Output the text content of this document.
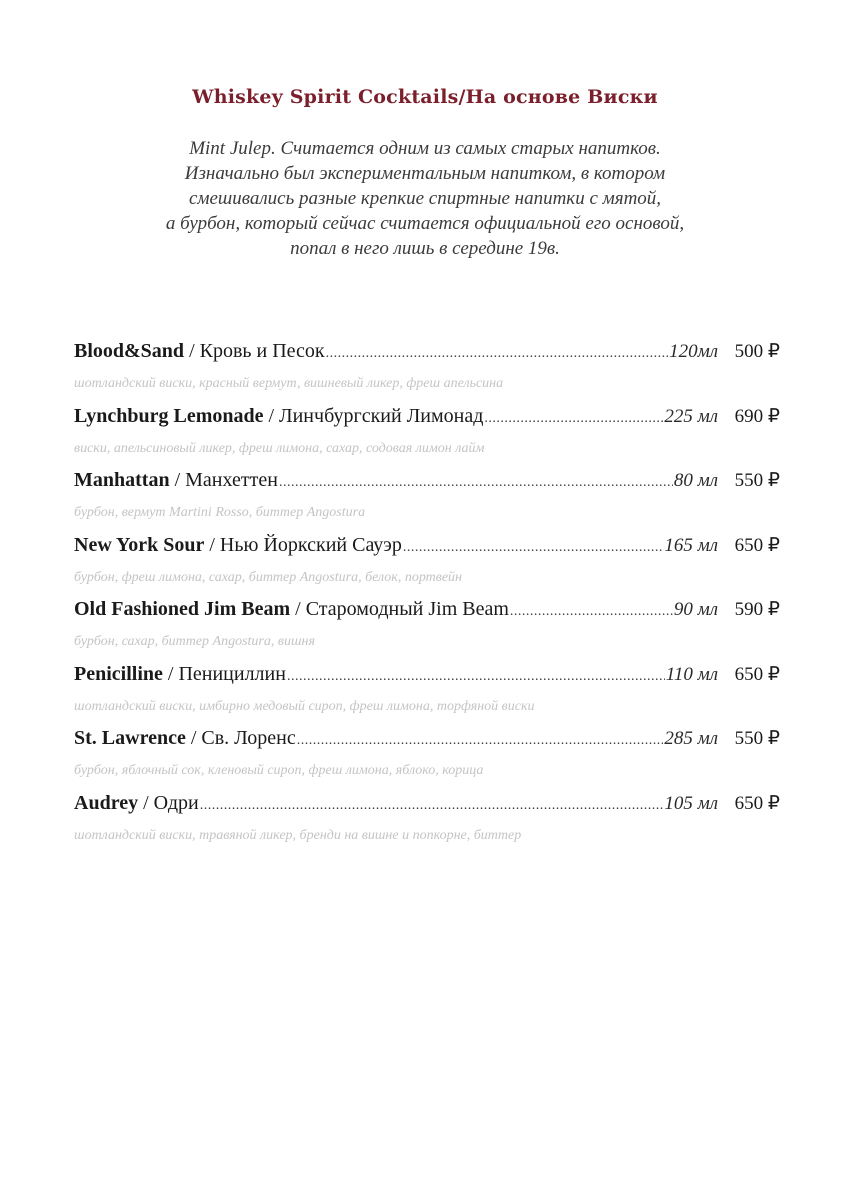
Whiskey Spirit Cocktails/На основе Виски
Mint Julep. Считается одним из самых старых напитков.
Изначально был экспериментальным напитком, в котором
смешивались разные крепкие спиртные напитки с мятой,
а бурбон, который сейчас считается официальной его основой,
попал в него лишь в середине 19в.
Blood&Sand / Кровь и Песок .....	120мл 500 ₽
шотландский виски, красный вермут, вишневый ликер, фреш апельсина
Lynchburg Lemonade / Линчбургский Лимонад .....	225 мл 690 ₽
виски, апельсиновый ликер, фреш лимона, сахар, содовая лимон лайм
Manhattan / Манхеттен .....	80 мл 550 ₽
бурбон, вермут Martini Rosso, биттер Angostura
New York Sour / Нью Йоркский Сауэр .....	165 мл 650 ₽
бурбон, фреш лимона, сахар, биттер Angostura, белок, портвейн
Old Fashioned Jim Beam / Старомодный Jim Beam .....	90 мл 590 ₽
бурбон, сахар, биттер Angostura, вишня
Penicilline / Пенициллин .....	110 мл 650 ₽
шотландский виски, имбирно медовый сироп, фреш лимона, торфяной виски
St. Lawrence / Св. Лоренс .....	285 мл 550 ₽
бурбон, яблочный сок, кленовый сироп, фреш лимона, яблоко, корица
Audrey / Одри .....	105 мл 650 ₽
шотландский виски, травяной ликер, бренди на вишне и попкорне, биттер
